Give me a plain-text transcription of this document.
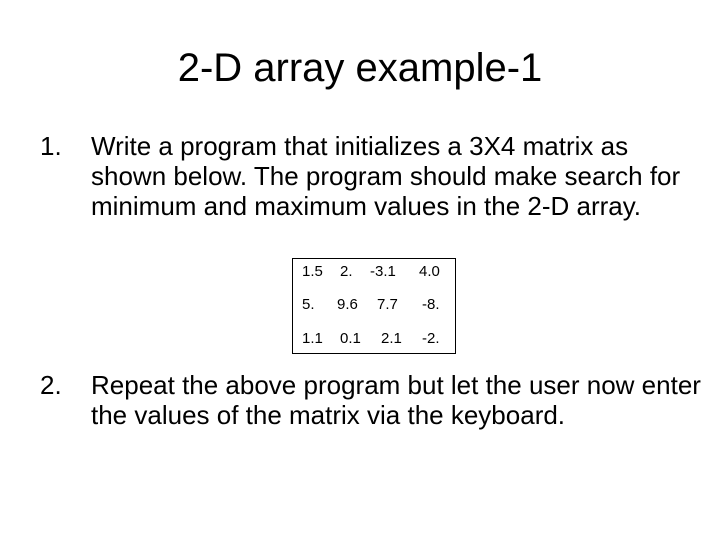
2-D array example-1
1.	Write a program that initializes a 3X4 matrix as shown below. The program should make search for minimum and maximum values in the 2-D array.
1.5 2. -3.1 4.0
5. 9.6 7.7 -8.
1.1 0.1 2.1 -2.
2.	Repeat the above program but let the user now enter the values of the matrix via the keyboard.
